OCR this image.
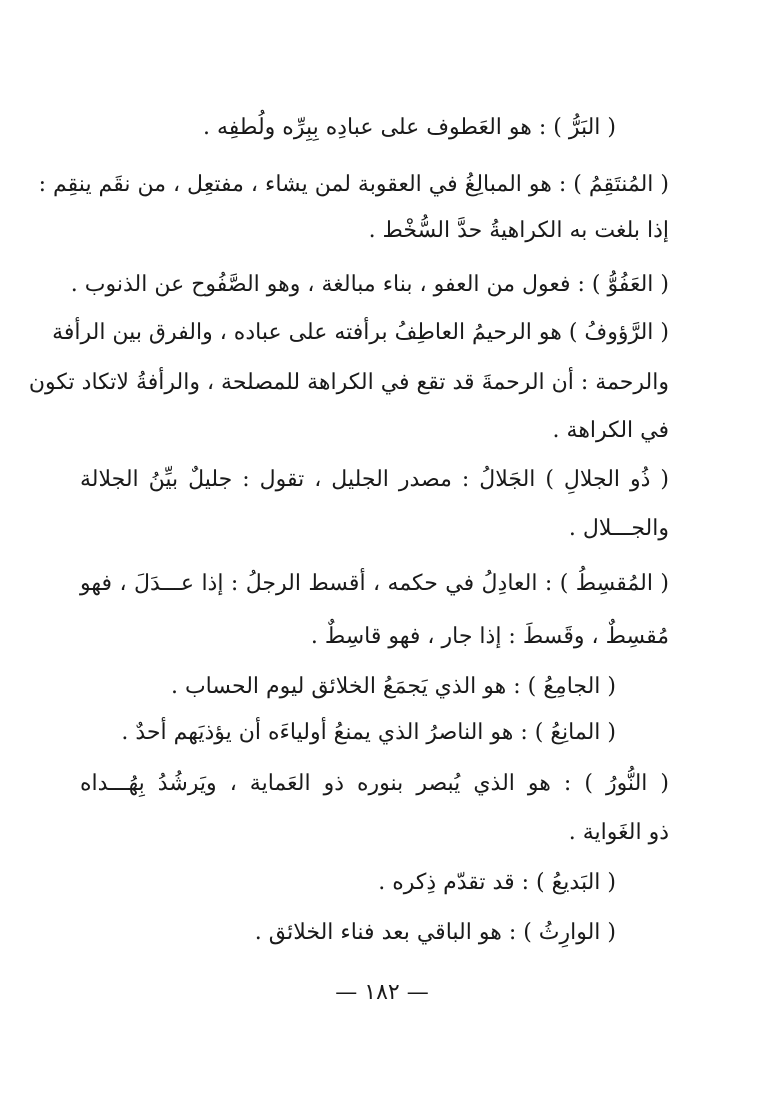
( البَرُّ ) : هو العَطوف على عبادِه بِبِرِّه ولُطفِه .
( المُنتَقِمُ ) : هو المبالِغُ في العقوبة لمن يشاء ، مفتعِل ، من نقَم ينقِم :
إذا بلغت به الكراهيةُ حدَّ السُّخْط .
( العَفُوُّ ) : فعول من العفو ، بناء مبالغة ، وهو الصَّفُوح عن الذنوب .
( الرَّؤوفُ ) هو الرحيمُ العاطِفُ برأفته على عباده ، والفرق بين الرأفة
والرحمة : أن الرحمةَ قد تقع في الكراهة للمصلحة ، والرأفةُ لاتكاد تكون
في الكراهة .
( ذُو الجلالِ ) الجَلالُ : مصدر الجليل ، تقول : جليلٌ بيِّنُ الجلالة
والجـــلال .
( المُقسِطُ ) : العادِلُ في حكمه ، أقسط الرجلُ : إذا عـــدَلَ ، فهو
مُقسِطٌ ، وقَسطَ : إذا جار ، فهو قاسِطٌ .
( الجامِعُ ) : هو الذي يَجمَعُ الخلائق ليوم الحساب .
( المانِعُ ) : هو الناصرُ الذي يمنعُ أولياءَه أن يؤذيَهم أحدٌ .
( النُّورُ ) : هو الذي يُبصر بنوره ذو العَماية ، ويَرشُدُ بِهُـــداه
ذو الغَواية .
( البَديعُ ) : قد تقدّم ذِكره .
( الوارِثُ ) : هو الباقي بعد فناء الخلائق .
— ١٨٢ —
